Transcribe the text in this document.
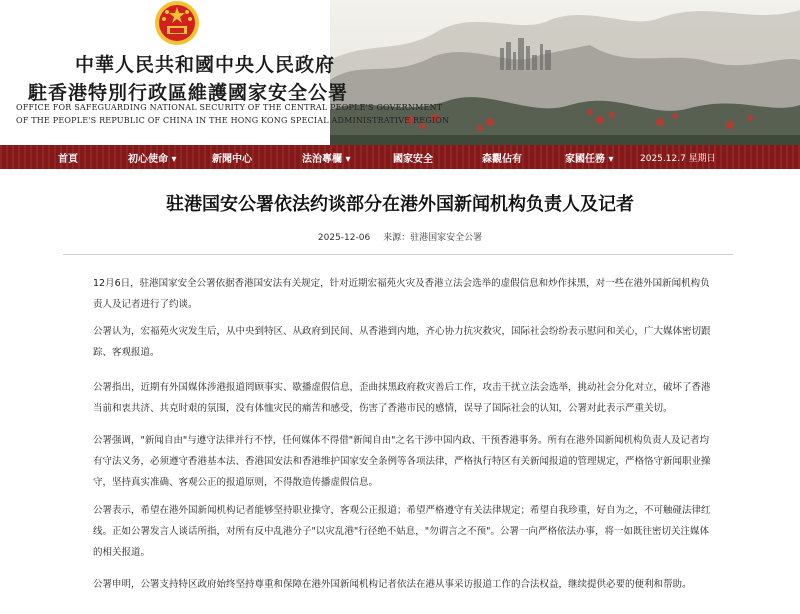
中華人民共和國中央人民政府
駐香港特別行政區維護國家安全公署
OFFICE FOR SAFEGUARDING NATIONAL SECURITY OF THE CENTRAL PEOPLE'S GOVERNMENT
OF THE PEOPLE'S REPUBLIC OF CHINA IN THE HONG KONG SPECIAL ADMINISTRATIVE REGION
首頁	初心使命 ▾	新聞中心	法治專欄 ▾	國家安全	森觀佔有	家國任務 ▾	2025.12.7 星期日
驻港国安公署依法约谈部分在港外国新闻机构负责人及记者
2025-12-06 来源：驻港国家安全公署
12月6日，驻港国家安全公署依据香港国安法有关规定，针对近期宏福苑火灾及香港立法会选举的虚假信息和炒作抹黑，对一些在港外国新闻机构负责人及记者进行了约谈。
公署认为，宏福苑火灾发生后，从中央到特区、从政府到民间、从香港到内地，齐心协力抗灾救灾，国际社会纷纷表示慰问和关心，广大媒体密切跟踪、客观报道。
公署指出，近期有外国媒体涉港报道罔顾事实、歇播虚假信息，歪曲抹黑政府救灾善后工作，攻击干扰立法会选举，挑动社会分化对立，破坏了香港当前和衷共济、共克时艰的氛围，没有体恤灾民的痛苦和感受，伤害了香港市民的感情，误导了国际社会的认知，公署对此表示严重关切。
公署强调，"新闻自由"与遵守法律并行不悖，任何媒体不得借"新闻自由"之名干涉中国内政、干预香港事务。所有在港外国新闻机构负责人及记者均有守法义务，必须遵守香港基本法、香港国安法和香港维护国家安全条例等各项法律，严格执行特区有关新闻报道的管理规定，严格恪守新闻职业操守，坚持真实准确、客观公正的报道原则，不得散造传播虚假信息。
公署表示，希望在港外国新闻机构记者能够坚持职业操守，客观公正报道；希望严格遵守有关法律规定；希望自我珍重，好自为之，不可触碰法律红线。正如公署发言人谈话所指，对所有反中乱港分子"以灾乱港"行径绝不姑息，"勿谓言之不预"。公署一向严格依法办事，将一如既往密切关注媒体的相关报道。
公署申明，公署支持特区政府始终坚持尊重和保障在港外国新闻机构记者依法在港从事采访报道工作的合法权益，继续提供必要的便利和帮助。
